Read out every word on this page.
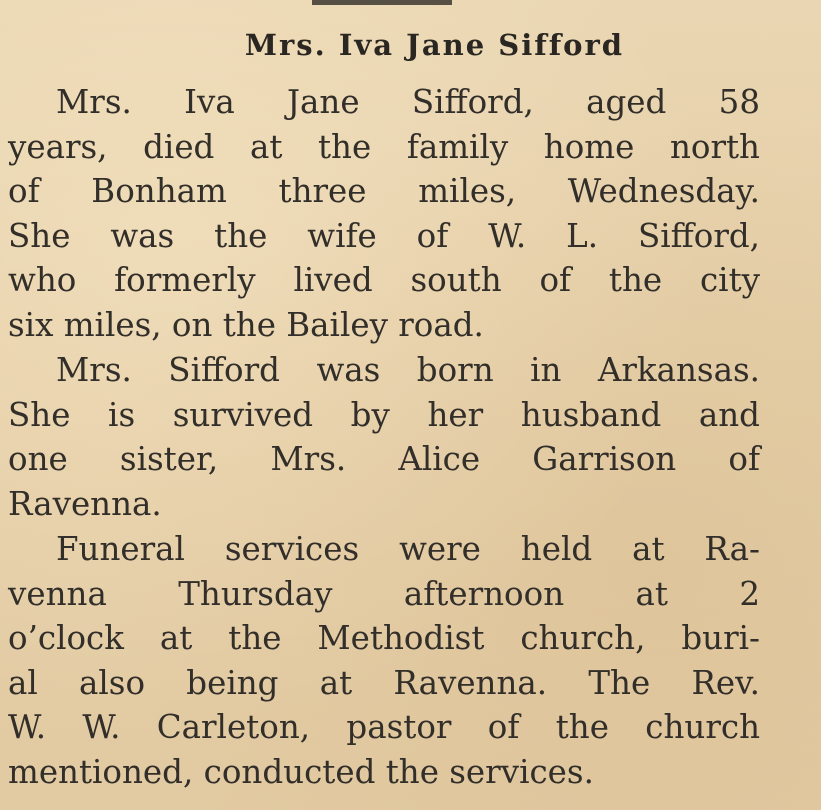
Mrs. Iva Jane Sifford
Mrs. Iva Jane Sifford, aged 58
years, died at the family home north
of Bonham three miles, Wednesday.
She was the wife of W. L. Sifford,
who formerly lived south of the city
six miles, on the Bailey road.
Mrs. Sifford was born in Arkansas.
She is survived by her husband and
one sister, Mrs. Alice Garrison of
Ravenna.
Funeral services were held at Ra-
venna Thursday afternoon at 2
o’clock at the Methodist church, buri-
al also being at Ravenna. The Rev.
W. W. Carleton, pastor of the church
mentioned, conducted the services.
